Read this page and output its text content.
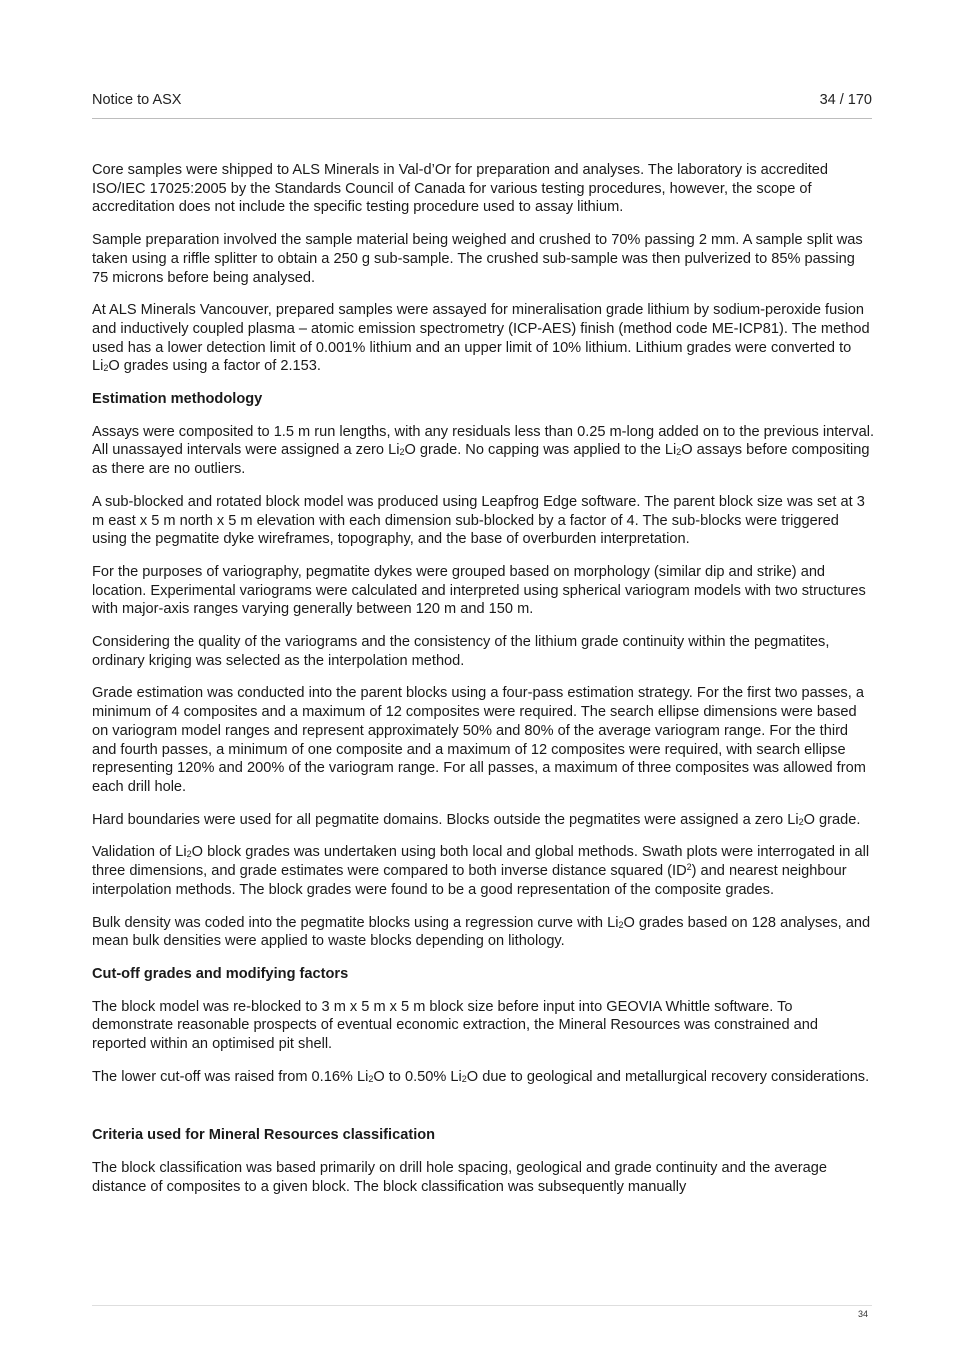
Notice to ASX	34 / 170

Core samples were shipped to ALS Minerals in Val-d’Or for preparation and analyses. The laboratory is accredited ISO/IEC 17025:2005 by the Standards Council of Canada for various testing procedures, however, the scope of accreditation does not include the specific testing procedure used to assay lithium.

Sample preparation involved the sample material being weighed and crushed to 70% passing 2 mm. A sample split was taken using a riffle splitter to obtain a 250 g sub-sample. The crushed sub-sample was then pulverized to 85% passing 75 microns before being analysed.

At ALS Minerals Vancouver, prepared samples were assayed for mineralisation grade lithium by sodium-peroxide fusion and inductively coupled plasma – atomic emission spectrometry (ICP-AES) finish (method code ME-ICP81). The method used has a lower detection limit of 0.001% lithium and an upper limit of 10% lithium. Lithium grades were converted to $Li_2O$ grades using a factor of 2.153.

Estimation methodology

Assays were composited to 1.5 m run lengths, with any residuals less than 0.25 m-long added on to the previous interval. All unassayed intervals were assigned a zero $Li_2O$ grade. No capping was applied to the $Li_2O$ assays before compositing as there are no outliers.

A sub-blocked and rotated block model was produced using Leapfrog Edge software. The parent block size was set at 3 m east x 5 m north x 5 m elevation with each dimension sub-blocked by a factor of 4. The sub-blocks were triggered using the pegmatite dyke wireframes, topography, and the base of overburden interpretation.

For the purposes of variography, pegmatite dykes were grouped based on morphology (similar dip and strike) and location. Experimental variograms were calculated and interpreted using spherical variogram models with two structures with major-axis ranges varying generally between 120 m and 150 m.

Considering the quality of the variograms and the consistency of the lithium grade continuity within the pegmatites, ordinary kriging was selected as the interpolation method.

Grade estimation was conducted into the parent blocks using a four-pass estimation strategy. For the first two passes, a minimum of 4 composites and a maximum of 12 composites were required. The search ellipse dimensions were based on variogram model ranges and represent approximately 50% and 80% of the average variogram range. For the third and fourth passes, a minimum of one composite and a maximum of 12 composites were required, with search ellipse representing 120% and 200% of the variogram range. For all passes, a maximum of three composites was allowed from each drill hole.

Hard boundaries were used for all pegmatite domains. Blocks outside the pegmatites were assigned a zero $Li_2O$ grade.

Validation of $Li_2O$ block grades was undertaken using both local and global methods. Swath plots were interrogated in all three dimensions, and grade estimates were compared to both inverse distance squared $(ID^2)$ and nearest neighbour interpolation methods. The block grades were found to be a good representation of the composite grades.

Bulk density was coded into the pegmatite blocks using a regression curve with $Li_2O$ grades based on 128 analyses, and mean bulk densities were applied to waste blocks depending on lithology.

Cut-off grades and modifying factors

The block model was re-blocked to 3 m x 5 m x 5 m block size before input into GEOVIA Whittle software. To demonstrate reasonable prospects of eventual economic extraction, the Mineral Resources was constrained and reported within an optimised pit shell.

The lower cut-off was raised from 0.16% $Li_2O$ to 0.50% $Li_2O$ due to geological and metallurgical recovery considerations.

Criteria used for Mineral Resources classification

The block classification was based primarily on drill hole spacing, geological and grade continuity and the average distance of composites to a given block. The block classification was subsequently manually

34
